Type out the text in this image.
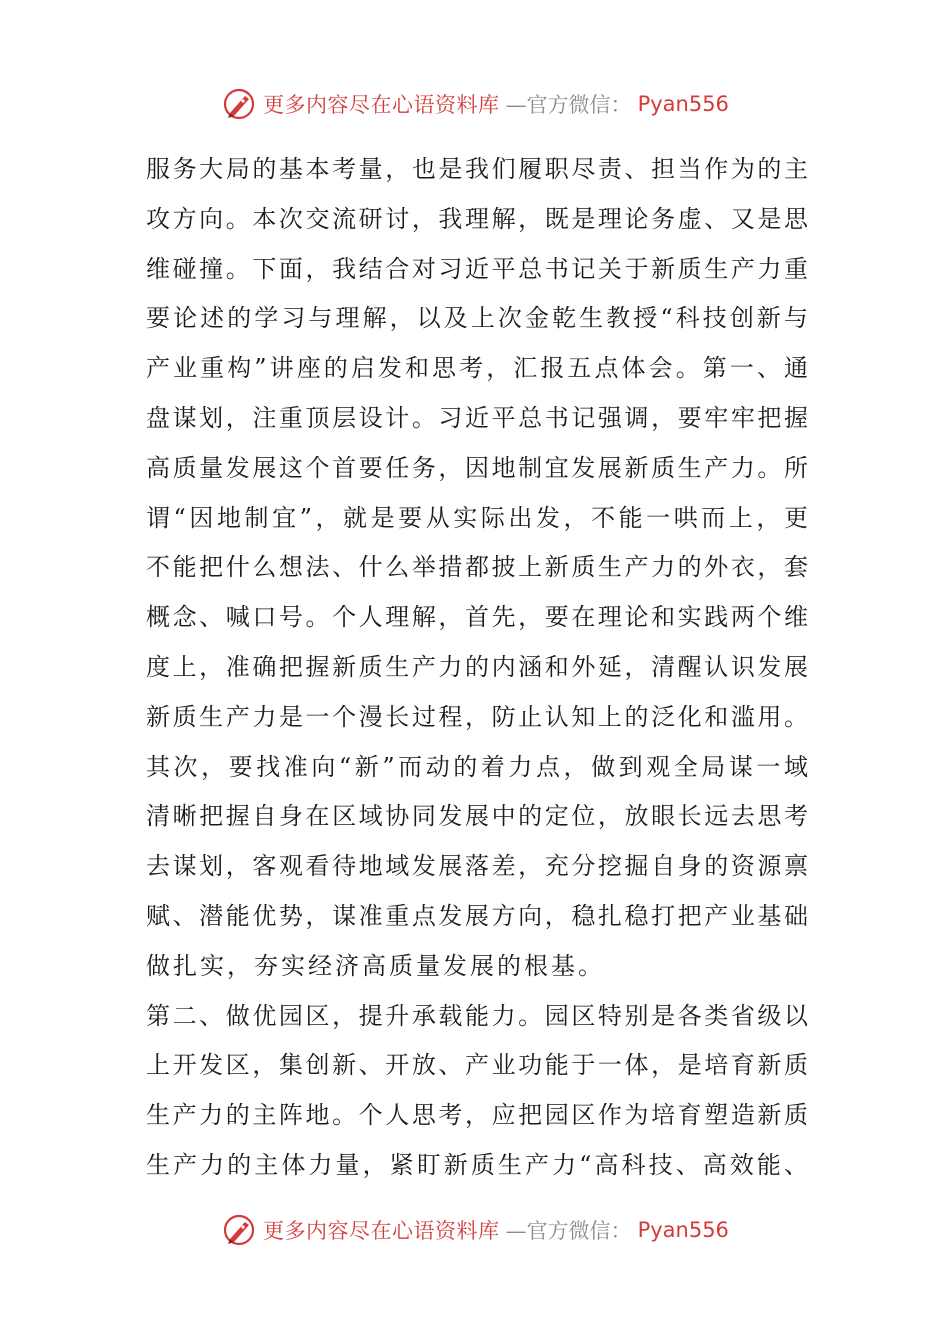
更多内容尽在心语资料库 —官方微信： Pyan556
服务大局的基本考量，也是我们履职尽责、担当作为的主
攻方向。本次交流研讨，我理解，既是理论务虚、又是思
维碰撞。下面，我结合对习近平总书记关于新质生产力重
要论述的学习与理解，以及上次金乾生教授“科技创新与
产业重构”讲座的启发和思考，汇报五点体会。第一、通
盘谋划，注重顶层设计。习近平总书记强调，要牢牢把握
高质量发展这个首要任务，因地制宜发展新质生产力。所
谓“因地制宜”，就是要从实际出发，不能一哄而上，更
不能把什么想法、什么举措都披上新质生产力的外衣，套
概念、喊口号。个人理解，首先，要在理论和实践两个维
度上，准确把握新质生产力的内涵和外延，清醒认识发展
新质生产力是一个漫长过程，防止认知上的泛化和滥用。
其次，要找准向“新”而动的着力点，做到观全局谋一域
清晰把握自身在区域协同发展中的定位，放眼长远去思考
去谋划，客观看待地域发展落差，充分挖掘自身的资源禀
赋、潜能优势，谋准重点发展方向，稳扎稳打把产业基础
做扎实，夯实经济高质量发展的根基。
第二、做优园区，提升承载能力。园区特别是各类省级以
上开发区，集创新、开放、产业功能于一体，是培育新质
生产力的主阵地。个人思考，应把园区作为培育塑造新质
生产力的主体力量，紧盯新质生产力“高科技、高效能、
更多内容尽在心语资料库 —官方微信： Pyan556
